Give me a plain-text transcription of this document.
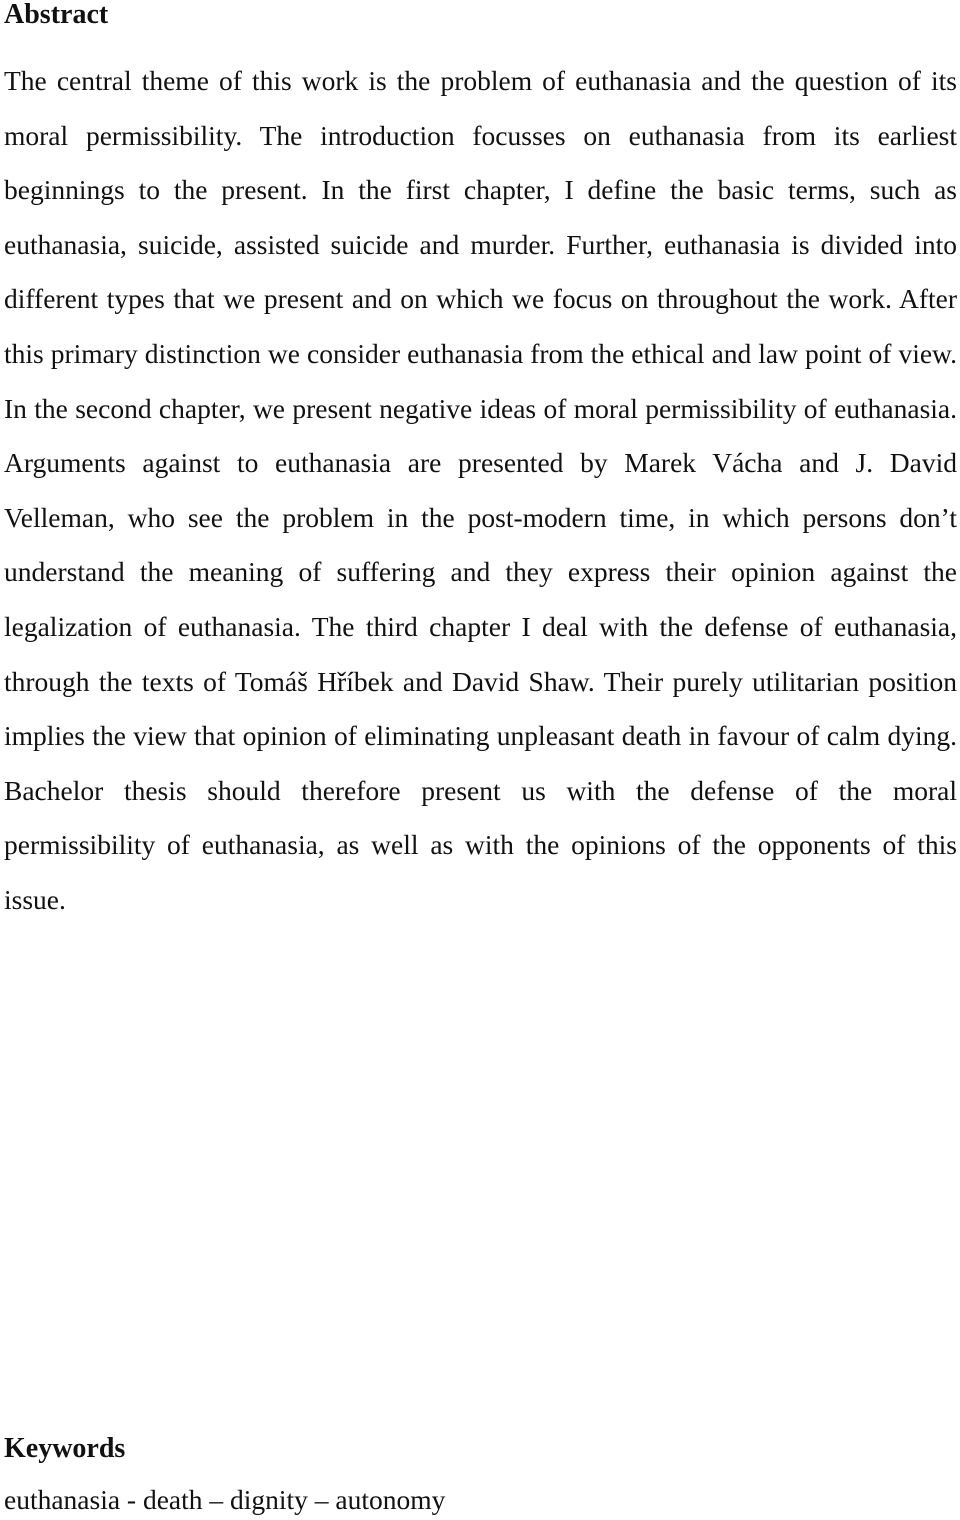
Abstract

The central theme of this work is the problem of euthanasia and the question of its moral permissibility. The introduction focusses on euthanasia from its earliest beginnings to the present. In the first chapter, I define the basic terms, such as euthanasia, suicide, assisted suicide and murder. Further, euthanasia is divided into different types that we present and on which we focus on throughout the work. After this primary distinction we consider euthanasia from the ethical and law point of view. In the second chapter, we present negative ideas of moral permissibility of euthanasia. Arguments against to euthanasia are presented by Marek Vácha and J. David Velleman, who see the problem in the post-modern time, in which persons don’t understand the meaning of suffering and they express their opinion against the legalization of euthanasia. The third chapter I deal with the defense of euthanasia, through the texts of Tomáš Hříbek and David Shaw. Their purely utilitarian position implies the view that opinion of eliminating unpleasant death in favour of calm dying. Bachelor thesis should therefore present us with the defense of the moral permissibility of euthanasia, as well as with the opinions of the opponents of this issue.

Keywords

euthanasia - death – dignity – autonomy
